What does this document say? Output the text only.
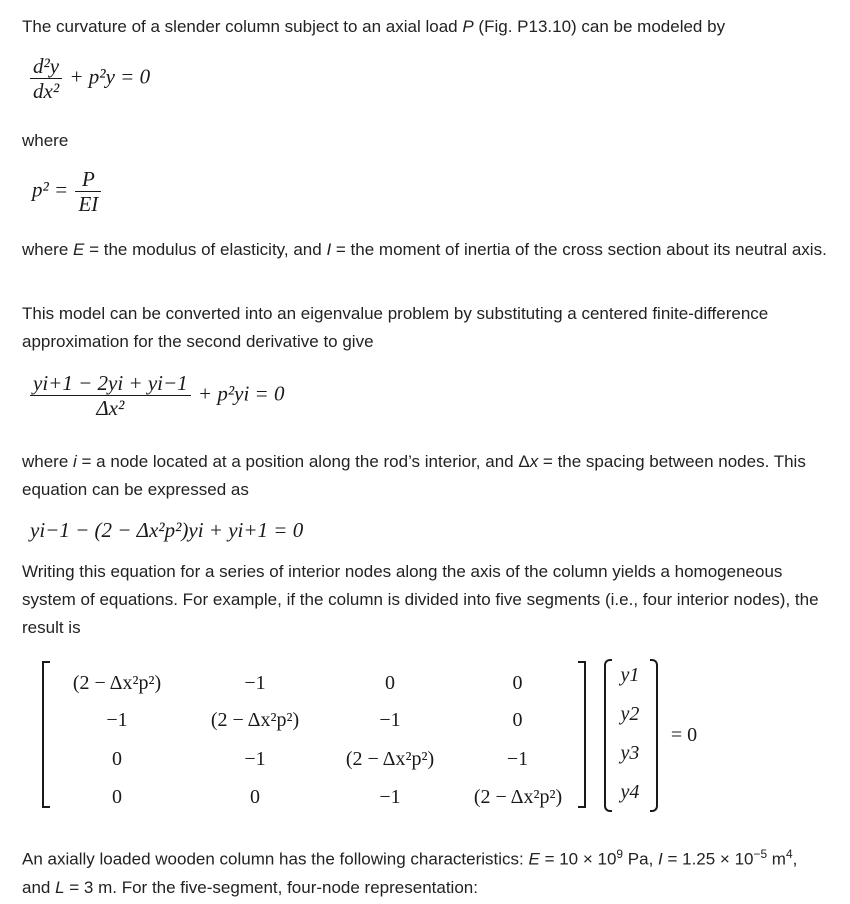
The curvature of a slender column subject to an axial load P (Fig. P13.10) can be modeled by

$\frac{\text{d²y}}{\text{dx²}} + p^2y = 0$

where

$p^2 = \frac{P}{EI}$

where E = the modulus of elasticity, and I = the moment of inertia of the cross section about its neutral axis.

This model can be converted into an eigenvalue problem by substituting a centered finite-difference approximation for the second derivative to give

$\frac{yi+1 - 2yi + yi-1}{\text{Δx²}} + p^2yi = 0$

where i = a node located at a position along the rod’s interior, and Δx = the spacing between nodes. This equation can be expressed as

yi−1 − (2 − Δx²p²)yi + yi+1 = 0

Writing this equation for a series of interior nodes along the axis of the column yields a homogeneous system of equations. For example, if the column is divided into five segments (i.e., four interior nodes), the result is

(2 − Δx²p²)	−1	0	0
−1	(2 − Δx²p²)	−1	0
0	−1	(2 − Δx²p²)	−1
0	0	−1	(2 − Δx²p²)
y1
y2
y3
y4
= 0

An axially loaded wooden column has the following characteristics: $E = 10 \times 10^9$ Pa, $I = 1.25 \times 10^{-5}$ $m^4$, and L = 3 m. For the five-segment, four-node representation:
